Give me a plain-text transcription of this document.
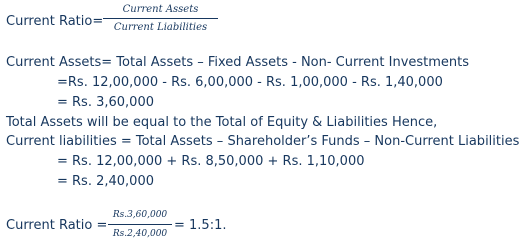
Current Ratio=
Current Assets
Current Liabilities
Current Assets= Total Assets – Fixed Assets - Non- Current Investments
=Rs. 12,00,000 - Rs. 6,00,000 - Rs. 1,00,000 - Rs. 1,40,000
= Rs. 3,60,000
Total Assets will be equal to the Total of Equity & Liabilities Hence,
Current liabilities = Total Assets – Shareholder’s Funds – Non-Current Liabilities
= Rs. 12,00,000 + Rs. 8,50,000 + Rs. 1,10,000
= Rs. 2,40,000
Current Ratio =
Rs.3,60,000
Rs.2,40,000
= 1.5:1.
